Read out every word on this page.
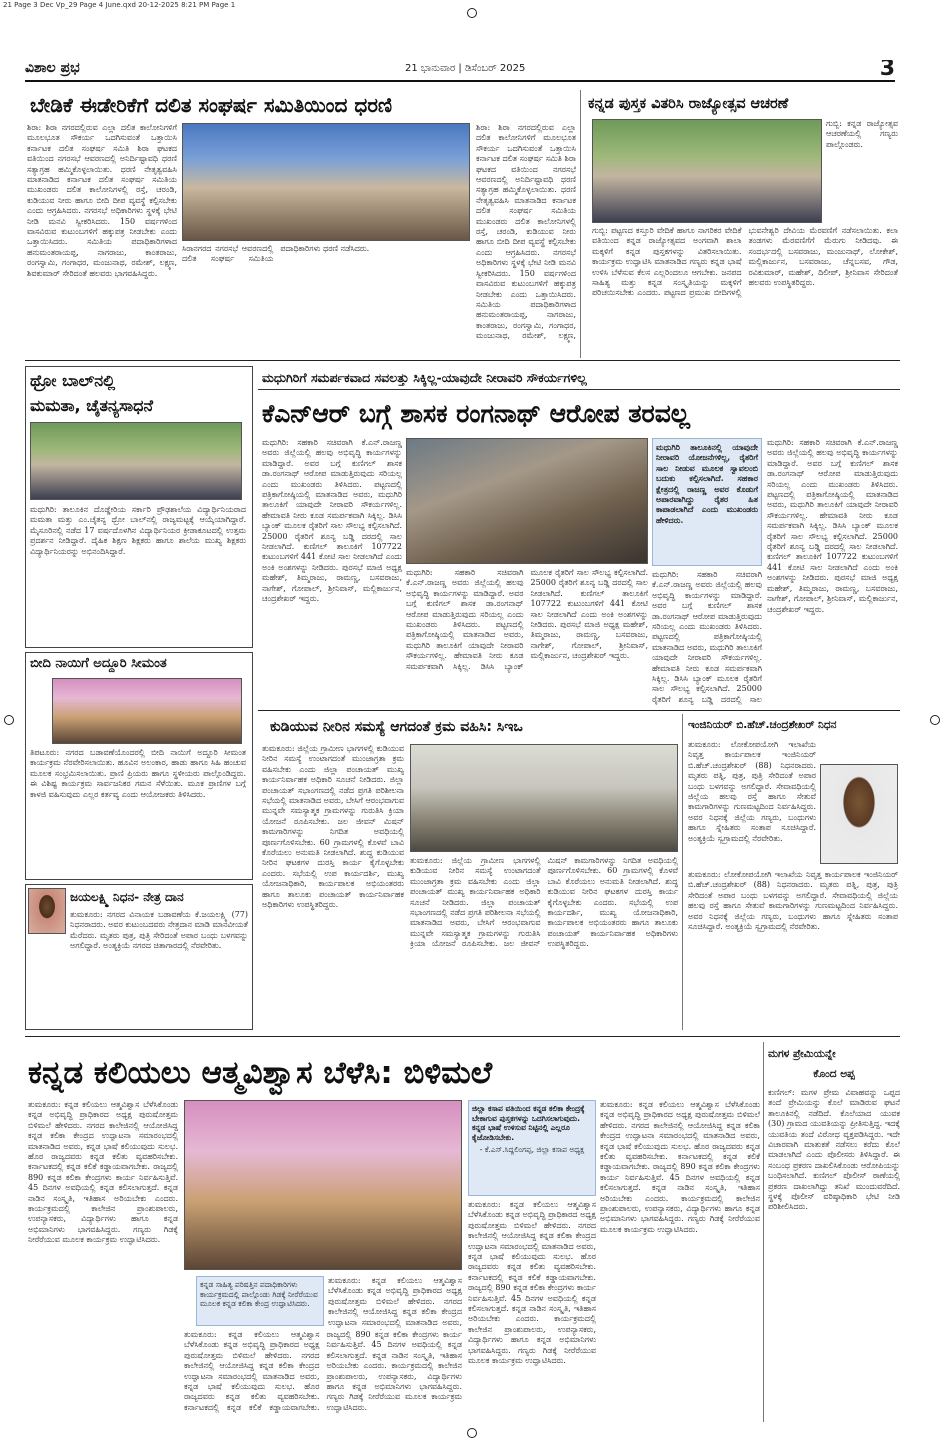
21 Page 3 Dec Vp_29 Page 4 June.qxd 20-12-2025 8:21 PM Page 1
ವಿಶಾಲ ಪ್ರಭ	21 ಭಾನುವಾರ | ಡಿಸೆಂಬರ್ 2025	3
ಬೇಡಿಕೆ ಈಡೇರಿಕೆಗೆ ದಲಿತ ಸಂಘರ್ಷ ಸಮಿತಿಯಿಂದ ಧರಣಿ
ಶಿರಾ: ಶಿರಾ ನಗರದಲ್ಲಿರುವ ಎಲ್ಲಾ ದಲಿತ ಕಾಲೋನಿಗಳಿಗೆ ಮೂಲಭೂತ ಸೌಕರ್ಯ ಒದಗಿಸುವಂತೆ ಒತ್ತಾಯಿಸಿ ಕರ್ನಾಟಕ ದಲಿತ ಸಂಘರ್ಷ ಸಮಿತಿ ಶಿರಾ ಘಟಕದ ವತಿಯಿಂದ ನಗರಸಭೆ ಆವರಣದಲ್ಲಿ ಅನಿರ್ದಿಷ್ಟಾವಧಿ ಧರಣಿ ಸತ್ಯಾಗ್ರಹ ಹಮ್ಮಿಕೊಳ್ಳಲಾಯಿತು. ಧರಣಿ ನೇತೃತ್ವವಹಿಸಿ ಮಾತನಾಡಿದ ಕರ್ನಾಟಕ ದಲಿತ ಸಂಘರ್ಷ ಸಮಿತಿಯ ಮುಖಂಡರು ದಲಿತ ಕಾಲೋನಿಗಳಲ್ಲಿ ರಸ್ತೆ, ಚರಂಡಿ, ಕುಡಿಯುವ ನೀರು ಹಾಗೂ ಬೀದಿ ದೀಪ ವ್ಯವಸ್ಥೆ ಕಲ್ಪಿಸಬೇಕು ಎಂದು ಆಗ್ರಹಿಸಿದರು. ನಗರಸಭೆ ಅಧಿಕಾರಿಗಳು ಸ್ಥಳಕ್ಕೆ ಭೇಟಿ ನೀಡಿ ಮನವಿ ಸ್ವೀಕರಿಸಿದರು. 150 ವರ್ಷಗಳಿಂದ ವಾಸವಿರುವ ಕುಟುಂಬಗಳಿಗೆ ಹಕ್ಕುಪತ್ರ ನೀಡಬೇಕು ಎಂದು ಒತ್ತಾಯಿಸಿದರು. ಸಮಿತಿಯ ಪದಾಧಿಕಾರಿಗಳಾದ ಹನುಮಂತರಾಯಪ್ಪ, ನಾಗರಾಜು, ಕಾಂತರಾಜು, ರಂಗಸ್ವಾಮಿ, ಗಂಗಾಧರ, ಮಂಜುನಾಥ, ರಮೇಶ್, ಲಕ್ಷ್ಮಣ, ಶಿವಕುಮಾರ್ ಸೇರಿದಂತೆ ಹಲವರು ಭಾಗವಹಿಸಿದ್ದರು.
ಶಿರಾ: ಶಿರಾ ನಗರದಲ್ಲಿರುವ ಎಲ್ಲಾ ದಲಿತ ಕಾಲೋನಿಗಳಿಗೆ ಮೂಲಭೂತ ಸೌಕರ್ಯ ಒದಗಿಸುವಂತೆ ಒತ್ತಾಯಿಸಿ ಕರ್ನಾಟಕ ದಲಿತ ಸಂಘರ್ಷ ಸಮಿತಿ ಶಿರಾ ಘಟಕದ ವತಿಯಿಂದ ನಗರಸಭೆ ಆವರಣದಲ್ಲಿ ಅನಿರ್ದಿಷ್ಟಾವಧಿ ಧರಣಿ ಸತ್ಯಾಗ್ರಹ ಹಮ್ಮಿಕೊಳ್ಳಲಾಯಿತು. ಧರಣಿ ನೇತೃತ್ವವಹಿಸಿ ಮಾತನಾಡಿದ ಕರ್ನಾಟಕ ದಲಿತ ಸಂಘರ್ಷ ಸಮಿತಿಯ ಮುಖಂಡರು ದಲಿತ ಕಾಲೋನಿಗಳಲ್ಲಿ ರಸ್ತೆ, ಚರಂಡಿ, ಕುಡಿಯುವ ನೀರು ಹಾಗೂ ಬೀದಿ ದೀಪ ವ್ಯವಸ್ಥೆ ಕಲ್ಪಿಸಬೇಕು ಎಂದು ಆಗ್ರಹಿಸಿದರು. ನಗರಸಭೆ ಅಧಿಕಾರಿಗಳು ಸ್ಥಳಕ್ಕೆ ಭೇಟಿ ನೀಡಿ ಮನವಿ ಸ್ವೀಕರಿಸಿದರು. 150 ವರ್ಷಗಳಿಂದ ವಾಸವಿರುವ ಕುಟುಂಬಗಳಿಗೆ ಹಕ್ಕುಪತ್ರ ನೀಡಬೇಕು ಎಂದು ಒತ್ತಾಯಿಸಿದರು. ಸಮಿತಿಯ ಪದಾಧಿಕಾರಿಗಳಾದ ಹನುಮಂತರಾಯಪ್ಪ, ನಾಗರಾಜು, ಕಾಂತರಾಜು, ರಂಗಸ್ವಾಮಿ, ಗಂಗಾಧರ, ಮಂಜುನಾಥ, ರಮೇಶ್, ಲಕ್ಷ್ಮಣ,
ಸಿರಾನಗರದ ನಗರಸಭೆ ಆವರಣದಲ್ಲಿ ದಲಿತ ಸಂಘರ್ಷ ಸಮಿತಿಯ ಪದಾಧಿಕಾರಿಗಳು ಧರಣಿ ನಡೆಸಿದರು.
ಕನ್ನಡ ಪುಸ್ತಕ ವಿತರಿಸಿ ರಾಜ್ಯೋತ್ಸವ ಆಚರಣೆ
ಗುಬ್ಬಿ: ಕನ್ನಡ ರಾಜ್ಯೋತ್ಸವ ಆಚರಣೆಯಲ್ಲಿ ಗಣ್ಯರು ಪಾಲ್ಗೊಂಡರು.
ಗುಬ್ಬಿ: ಪಟ್ಟಣದ ಕಸ್ತೂರಿ ವೇದಿಕೆ ಹಾಗೂ ನಾಗರಿಕರ ವೇದಿಕೆ ವತಿಯಿಂದ ಕನ್ನಡ ರಾಜ್ಯೋತ್ಸವದ ಅಂಗವಾಗಿ ಶಾಲಾ ಮಕ್ಕಳಿಗೆ ಕನ್ನಡ ಪುಸ್ತಕಗಳನ್ನು ವಿತರಿಸಲಾಯಿತು. ಕಾರ್ಯಕ್ರಮ ಉದ್ಘಾಟಿಸಿ ಮಾತನಾಡಿದ ಗಣ್ಯರು ಕನ್ನಡ ಭಾಷೆ ಉಳಿಸಿ ಬೆಳೆಸುವ ಕೆಲಸ ಎಲ್ಲರಿಂದಲೂ ಆಗಬೇಕು. ಜನಪದ ಸಾಹಿತ್ಯ ಮತ್ತು ಕನ್ನಡ ಸಂಸ್ಕೃತಿಯನ್ನು ಮಕ್ಕಳಿಗೆ ಪರಿಚಯಿಸಬೇಕು ಎಂದರು. ಪಟ್ಟಣದ ಪ್ರಮುಖ ಬೀದಿಗಳಲ್ಲಿ ಭುವನೇಶ್ವರಿ ದೇವಿಯ ಮೆರವಣಿಗೆ ನಡೆಸಲಾಯಿತು. ಕಲಾ ತಂಡಗಳು ಮೆರವಣಿಗೆಗೆ ಮೆರುಗು ನೀಡಿದವು. ಈ ಸಂದರ್ಭದಲ್ಲಿ ಬಸವರಾಜು, ಮಂಜುನಾಥ್, ಲೋಕೇಶ್, ಮಲ್ಲಿಕಾರ್ಜುನ, ಬಸವರಾಜು, ಚೆನ್ನಬಸವ, ಗೌಡ, ರವಿಕುಮಾರ್, ಮಹೇಶ್, ದಿಲೀಪ್, ಶ್ರೀನಿವಾಸ ಸೇರಿದಂತೆ ಹಲವರು ಉಪಸ್ಥಿತರಿದ್ದರು.
ಥ್ರೋ ಬಾಲ್‌ನಲ್ಲಿ
ಮಮತಾ, ಚೈತನ್ಯಸಾಧನೆ
ಮಧುಗಿರಿ: ತಾಲೂಕಿನ ದೊಡ್ಡೇರಿಯ ಸರ್ಕಾರಿ ಪ್ರೌಢಶಾಲೆಯ ವಿದ್ಯಾರ್ಥಿನಿಯರಾದ ಮಮತಾ ಮತ್ತು ಎಂ.ಚೈತನ್ಯ ಥ್ರೋ ಬಾಲ್‌ನಲ್ಲಿ ರಾಜ್ಯಮಟ್ಟಕ್ಕೆ ಆಯ್ಕೆಯಾಗಿದ್ದಾರೆ. ಮೈಸೂರಿನಲ್ಲಿ ನಡೆದ 17 ವರ್ಷದೊಳಗಿನ ವಿದ್ಯಾರ್ಥಿನಿಯರ ಕ್ರೀಡಾಕೂಟದಲ್ಲಿ ಉತ್ತಮ ಪ್ರದರ್ಶನ ನೀಡಿದ್ದಾರೆ. ದೈಹಿಕ ಶಿಕ್ಷಣ ಶಿಕ್ಷಕರು ಹಾಗೂ ಶಾಲೆಯ ಮುಖ್ಯ ಶಿಕ್ಷಕರು ವಿದ್ಯಾರ್ಥಿನಿಯರನ್ನು ಅಭಿನಂದಿಸಿದ್ದಾರೆ.
ಬೀದಿ ನಾಯಿಗೆ ಅದ್ದೂರಿ ಸೀಮಂತ
ತಿಪಟೂರು: ನಗರದ ಬಡಾವಣೆಯೊಂದರಲ್ಲಿ ಬೀದಿ ನಾಯಿಗೆ ಅದ್ದೂರಿ ಸೀಮಂತ ಕಾರ್ಯಕ್ರಮ ನೆರವೇರಿಸಲಾಯಿತು. ಹೂವಿನ ಅಲಂಕಾರ, ಹಾಡು ಹಾಗೂ ಸಿಹಿ ಹಂಚುವ ಮೂಲಕ ಸಂಭ್ರಮಿಸಲಾಯಿತು. ಪ್ರಾಣಿ ಪ್ರಿಯರು ಹಾಗೂ ಸ್ಥಳೀಯರು ಪಾಲ್ಗೊಂಡಿದ್ದರು. ಈ ವಿಶಿಷ್ಟ ಕಾರ್ಯಕ್ರಮ ಸಾರ್ವಜನಿಕರ ಗಮನ ಸೆಳೆಯಿತು. ಮೂಕ ಪ್ರಾಣಿಗಳ ಬಗ್ಗೆ ಕಾಳಜಿ ವಹಿಸುವುದು ಎಲ್ಲರ ಕರ್ತವ್ಯ ಎಂದು ಆಯೋಜಕರು ತಿಳಿಸಿದರು.
ಜಯಲಕ್ಷ್ಮಿ ನಿಧನ- ನೇತ್ರ ದಾನ
ತುಮಕೂರು: ನಗರದ ವಿನಾಯಕ ಬಡಾವಣೆಯ ಕೆ.ಜಯಲಕ್ಷ್ಮಿ (77) ನಿಧನರಾದರು. ಅವರ ಕುಟುಂಬದವರು ನೇತ್ರದಾನ ಮಾಡಿ ಮಾನವೀಯತೆ ಮೆರೆದರು. ಮೃತರು ಪುತ್ರ, ಪುತ್ರಿ ಸೇರಿದಂತೆ ಅಪಾರ ಬಂಧು ಬಳಗವನ್ನು ಅಗಲಿದ್ದಾರೆ. ಅಂತ್ಯಕ್ರಿಯೆ ನಗರದ ಚಿತಾಗಾರದಲ್ಲಿ ನೆರವೇರಿತು.
ಮಧುಗಿರಿಗೆ ಸಮರ್ಪಕವಾದ ಸವಲತ್ತು ಸಿಕ್ಕಿಲ್ಲ-ಯಾವುದೇ ನೀರಾವರಿ ಸೌಕರ್ಯಗಳಿಲ್ಲ
ಕೆಎನ್‌ಆರ್ ಬಗ್ಗೆ ಶಾಸಕ ರಂಗನಾಥ್ ಆರೋಪ ತರವಲ್ಲ
ಮಧುಗಿರಿ: ಸಹಕಾರಿ ಸಚಿವರಾಗಿ ಕೆ.ಎನ್.ರಾಜಣ್ಣ ಅವರು ಜಿಲ್ಲೆಯಲ್ಲಿ ಹಲವು ಅಭಿವೃದ್ಧಿ ಕಾರ್ಯಗಳನ್ನು ಮಾಡಿದ್ದಾರೆ. ಅವರ ಬಗ್ಗೆ ಕುಣಿಗಲ್ ಶಾಸಕ ಡಾ.ರಂಗನಾಥ್ ಆರೋಪ ಮಾಡುತ್ತಿರುವುದು ಸರಿಯಲ್ಲ ಎಂದು ಮುಖಂಡರು ತಿಳಿಸಿದರು. ಪಟ್ಟಣದಲ್ಲಿ ಪತ್ರಿಕಾಗೋಷ್ಠಿಯಲ್ಲಿ ಮಾತನಾಡಿದ ಅವರು, ಮಧುಗಿರಿ ತಾಲೂಕಿಗೆ ಯಾವುದೇ ನೀರಾವರಿ ಸೌಕರ್ಯಗಳಿಲ್ಲ. ಹೇಮಾವತಿ ನೀರು ಕೂಡ ಸಮರ್ಪಕವಾಗಿ ಸಿಕ್ಕಿಲ್ಲ. ಡಿಸಿಸಿ ಬ್ಯಾಂಕ್ ಮೂಲಕ ರೈತರಿಗೆ ಸಾಲ ಸೌಲಭ್ಯ ಕಲ್ಪಿಸಲಾಗಿದೆ. 25000 ರೈತರಿಗೆ ಶೂನ್ಯ ಬಡ್ಡಿ ದರದಲ್ಲಿ ಸಾಲ ನೀಡಲಾಗಿದೆ. ಕುಣಿಗಲ್ ತಾಲೂಕಿಗೆ 107722 ಕುಟುಂಬಗಳಿಗೆ 441 ಕೋಟಿ ಸಾಲ ನೀಡಲಾಗಿದೆ ಎಂದು ಅಂಕಿ ಅಂಶಗಳನ್ನು ನೀಡಿದರು. ಪುರಸಭೆ ಮಾಜಿ ಅಧ್ಯಕ್ಷ ಮಹೇಶ್, ತಿಮ್ಮರಾಜು, ರಾಮಣ್ಣ, ಬಸವರಾಜು, ನಾಗೇಶ್, ಗೋಪಾಲ್, ಶ್ರೀನಿವಾಸ್, ಮಲ್ಲಿಕಾರ್ಜುನ, ಚಂದ್ರಶೇಖರ್ ಇದ್ದರು.
ಮಧುಗಿರಿ: ಸಹಕಾರಿ ಸಚಿವರಾಗಿ ಕೆ.ಎನ್.ರಾಜಣ್ಣ ಅವರು ಜಿಲ್ಲೆಯಲ್ಲಿ ಹಲವು ಅಭಿವೃದ್ಧಿ ಕಾರ್ಯಗಳನ್ನು ಮಾಡಿದ್ದಾರೆ. ಅವರ ಬಗ್ಗೆ ಕುಣಿಗಲ್ ಶಾಸಕ ಡಾ.ರಂಗನಾಥ್ ಆರೋಪ ಮಾಡುತ್ತಿರುವುದು ಸರಿಯಲ್ಲ ಎಂದು ಮುಖಂಡರು ತಿಳಿಸಿದರು. ಪಟ್ಟಣದಲ್ಲಿ ಪತ್ರಿಕಾಗೋಷ್ಠಿಯಲ್ಲಿ ಮಾತನಾಡಿದ ಅವರು, ಮಧುಗಿರಿ ತಾಲೂಕಿಗೆ ಯಾವುದೇ ನೀರಾವರಿ ಸೌಕರ್ಯಗಳಿಲ್ಲ. ಹೇಮಾವತಿ ನೀರು ಕೂಡ ಸಮರ್ಪಕವಾಗಿ ಸಿಕ್ಕಿಲ್ಲ. ಡಿಸಿಸಿ ಬ್ಯಾಂಕ್ ಮೂಲಕ ರೈತರಿಗೆ ಸಾಲ ಸೌಲಭ್ಯ ಕಲ್ಪಿಸಲಾಗಿದೆ. 25000 ರೈತರಿಗೆ ಶೂನ್ಯ ಬಡ್ಡಿ ದರದಲ್ಲಿ ಸಾಲ ನೀಡಲಾಗಿದೆ. ಕುಣಿಗಲ್ ತಾಲೂಕಿಗೆ 107722 ಕುಟುಂಬಗಳಿಗೆ 441 ಕೋಟಿ ಸಾಲ ನೀಡಲಾಗಿದೆ ಎಂದು ಅಂಕಿ ಅಂಶಗಳನ್ನು ನೀಡಿದರು. ಪುರಸಭೆ ಮಾಜಿ ಅಧ್ಯಕ್ಷ ಮಹೇಶ್, ತಿಮ್ಮರಾಜು, ರಾಮಣ್ಣ, ಬಸವರಾಜು, ನಾಗೇಶ್, ಗೋಪಾಲ್, ಶ್ರೀನಿವಾಸ್, ಮಲ್ಲಿಕಾರ್ಜುನ, ಚಂದ್ರಶೇಖರ್ ಇದ್ದರು.
ಮಧುಗಿರಿ ತಾಲೂಕಿನಲ್ಲಿ ಯಾವುದೇ ನೀರಾವರಿ ಯೋಜನೆಗಳಿಲ್ಲ, ರೈತರಿಗೆ ಸಾಲ ನೀಡುವ ಮೂಲಕ ಸ್ವಾವಲಂಬಿ ಬದುಕು ಕಲ್ಪಿಸಲಾಗಿದೆ. ಸಹಕಾರ ಕ್ಷೇತ್ರದಲ್ಲಿ ರಾಜಣ್ಣ ಅವರ ಕೊಡುಗೆ ಅಪಾರವಾಗಿದ್ದು ರೈತರ ಹಿತ ಕಾಪಾಡಲಾಗಿದೆ ಎಂದು ಮುಖಂಡರು ಹೇಳಿದರು.
ಮಧುಗಿರಿ: ಸಹಕಾರಿ ಸಚಿವರಾಗಿ ಕೆ.ಎನ್.ರಾಜಣ್ಣ ಅವರು ಜಿಲ್ಲೆಯಲ್ಲಿ ಹಲವು ಅಭಿವೃದ್ಧಿ ಕಾರ್ಯಗಳನ್ನು ಮಾಡಿದ್ದಾರೆ. ಅವರ ಬಗ್ಗೆ ಕುಣಿಗಲ್ ಶಾಸಕ ಡಾ.ರಂಗನಾಥ್ ಆರೋಪ ಮಾಡುತ್ತಿರುವುದು ಸರಿಯಲ್ಲ ಎಂದು ಮುಖಂಡರು ತಿಳಿಸಿದರು. ಪಟ್ಟಣದಲ್ಲಿ ಪತ್ರಿಕಾಗೋಷ್ಠಿಯಲ್ಲಿ ಮಾತನಾಡಿದ ಅವರು, ಮಧುಗಿರಿ ತಾಲೂಕಿಗೆ ಯಾವುದೇ ನೀರಾವರಿ ಸೌಕರ್ಯಗಳಿಲ್ಲ. ಹೇಮಾವತಿ ನೀರು ಕೂಡ ಸಮರ್ಪಕವಾಗಿ ಸಿಕ್ಕಿಲ್ಲ. ಡಿಸಿಸಿ ಬ್ಯಾಂಕ್ ಮೂಲಕ ರೈತರಿಗೆ ಸಾಲ ಸೌಲಭ್ಯ ಕಲ್ಪಿಸಲಾಗಿದೆ. 25000 ರೈತರಿಗೆ ಶೂನ್ಯ ಬಡ್ಡಿ ದರದಲ್ಲಿ ಸಾಲ
ಮಧುಗಿರಿ: ಸಹಕಾರಿ ಸಚಿವರಾಗಿ ಕೆ.ಎನ್.ರಾಜಣ್ಣ ಅವರು ಜಿಲ್ಲೆಯಲ್ಲಿ ಹಲವು ಅಭಿವೃದ್ಧಿ ಕಾರ್ಯಗಳನ್ನು ಮಾಡಿದ್ದಾರೆ. ಅವರ ಬಗ್ಗೆ ಕುಣಿಗಲ್ ಶಾಸಕ ಡಾ.ರಂಗನಾಥ್ ಆರೋಪ ಮಾಡುತ್ತಿರುವುದು ಸರಿಯಲ್ಲ ಎಂದು ಮುಖಂಡರು ತಿಳಿಸಿದರು. ಪಟ್ಟಣದಲ್ಲಿ ಪತ್ರಿಕಾಗೋಷ್ಠಿಯಲ್ಲಿ ಮಾತನಾಡಿದ ಅವರು, ಮಧುಗಿರಿ ತಾಲೂಕಿಗೆ ಯಾವುದೇ ನೀರಾವರಿ ಸೌಕರ್ಯಗಳಿಲ್ಲ. ಹೇಮಾವತಿ ನೀರು ಕೂಡ ಸಮರ್ಪಕವಾಗಿ ಸಿಕ್ಕಿಲ್ಲ. ಡಿಸಿಸಿ ಬ್ಯಾಂಕ್ ಮೂಲಕ ರೈತರಿಗೆ ಸಾಲ ಸೌಲಭ್ಯ ಕಲ್ಪಿಸಲಾಗಿದೆ. 25000 ರೈತರಿಗೆ ಶೂನ್ಯ ಬಡ್ಡಿ ದರದಲ್ಲಿ ಸಾಲ ನೀಡಲಾಗಿದೆ. ಕುಣಿಗಲ್ ತಾಲೂಕಿಗೆ 107722 ಕುಟುಂಬಗಳಿಗೆ 441 ಕೋಟಿ ಸಾಲ ನೀಡಲಾಗಿದೆ ಎಂದು ಅಂಕಿ ಅಂಶಗಳನ್ನು ನೀಡಿದರು. ಪುರಸಭೆ ಮಾಜಿ ಅಧ್ಯಕ್ಷ ಮಹೇಶ್, ತಿಮ್ಮರಾಜು, ರಾಮಣ್ಣ, ಬಸವರಾಜು, ನಾಗೇಶ್, ಗೋಪಾಲ್, ಶ್ರೀನಿವಾಸ್, ಮಲ್ಲಿಕಾರ್ಜುನ, ಚಂದ್ರಶೇಖರ್ ಇದ್ದರು.
ಕುಡಿಯುವ ನೀರಿನ ಸಮಸ್ಯೆ ಆಗದಂತೆ ಕ್ರಮ ವಹಿಸಿ: ಸಿಇಒ
ತುಮಕೂರು: ಜಿಲ್ಲೆಯ ಗ್ರಾಮೀಣ ಭಾಗಗಳಲ್ಲಿ ಕುಡಿಯುವ ನೀರಿನ ಸಮಸ್ಯೆ ಉಂಟಾಗದಂತೆ ಮುಂಜಾಗ್ರತಾ ಕ್ರಮ ವಹಿಸಬೇಕು ಎಂದು ಜಿಲ್ಲಾ ಪಂಚಾಯತ್ ಮುಖ್ಯ ಕಾರ್ಯನಿರ್ವಾಹಕ ಅಧಿಕಾರಿ ಸೂಚನೆ ನೀಡಿದರು. ಜಿಲ್ಲಾ ಪಂಚಾಯತ್ ಸಭಾಂಗಣದಲ್ಲಿ ನಡೆದ ಪ್ರಗತಿ ಪರಿಶೀಲನಾ ಸಭೆಯಲ್ಲಿ ಮಾತನಾಡಿದ ಅವರು, ಬೇಸಿಗೆ ಆರಂಭವಾಗುವ ಮುನ್ನವೇ ಸಮಸ್ಯಾತ್ಮಕ ಗ್ರಾಮಗಳನ್ನು ಗುರುತಿಸಿ ಕ್ರಿಯಾ ಯೋಜನೆ ರೂಪಿಸಬೇಕು. ಜಲ ಜೀವನ್ ಮಿಷನ್ ಕಾಮಗಾರಿಗಳನ್ನು ನಿಗದಿತ ಅವಧಿಯಲ್ಲಿ ಪೂರ್ಣಗೊಳಿಸಬೇಕು. 60 ಗ್ರಾಮಗಳಲ್ಲಿ ಕೊಳವೆ ಬಾವಿ ಕೊರೆಯಲು ಅನುಮತಿ ನೀಡಲಾಗಿದೆ. ಶುದ್ಧ ಕುಡಿಯುವ ನೀರಿನ ಘಟಕಗಳ ದುರಸ್ತಿ ಕಾರ್ಯ ಕೈಗೊಳ್ಳಬೇಕು ಎಂದರು. ಸಭೆಯಲ್ಲಿ ಉಪ ಕಾರ್ಯದರ್ಶಿ, ಮುಖ್ಯ ಯೋಜನಾಧಿಕಾರಿ, ಕಾರ್ಯಪಾಲಕ ಅಭಿಯಂತರರು ಹಾಗೂ ತಾಲೂಕು ಪಂಚಾಯತ್ ಕಾರ್ಯನಿರ್ವಾಹಕ ಅಧಿಕಾರಿಗಳು ಉಪಸ್ಥಿತರಿದ್ದರು.
ತುಮಕೂರು: ಜಿಲ್ಲೆಯ ಗ್ರಾಮೀಣ ಭಾಗಗಳಲ್ಲಿ ಕುಡಿಯುವ ನೀರಿನ ಸಮಸ್ಯೆ ಉಂಟಾಗದಂತೆ ಮುಂಜಾಗ್ರತಾ ಕ್ರಮ ವಹಿಸಬೇಕು ಎಂದು ಜಿಲ್ಲಾ ಪಂಚಾಯತ್ ಮುಖ್ಯ ಕಾರ್ಯನಿರ್ವಾಹಕ ಅಧಿಕಾರಿ ಸೂಚನೆ ನೀಡಿದರು. ಜಿಲ್ಲಾ ಪಂಚಾಯತ್ ಸಭಾಂಗಣದಲ್ಲಿ ನಡೆದ ಪ್ರಗತಿ ಪರಿಶೀಲನಾ ಸಭೆಯಲ್ಲಿ ಮಾತನಾಡಿದ ಅವರು, ಬೇಸಿಗೆ ಆರಂಭವಾಗುವ ಮುನ್ನವೇ ಸಮಸ್ಯಾತ್ಮಕ ಗ್ರಾಮಗಳನ್ನು ಗುರುತಿಸಿ ಕ್ರಿಯಾ ಯೋಜನೆ ರೂಪಿಸಬೇಕು. ಜಲ ಜೀವನ್ ಮಿಷನ್ ಕಾಮಗಾರಿಗಳನ್ನು ನಿಗದಿತ ಅವಧಿಯಲ್ಲಿ ಪೂರ್ಣಗೊಳಿಸಬೇಕು. 60 ಗ್ರಾಮಗಳಲ್ಲಿ ಕೊಳವೆ ಬಾವಿ ಕೊರೆಯಲು ಅನುಮತಿ ನೀಡಲಾಗಿದೆ. ಶುದ್ಧ ಕುಡಿಯುವ ನೀರಿನ ಘಟಕಗಳ ದುರಸ್ತಿ ಕಾರ್ಯ ಕೈಗೊಳ್ಳಬೇಕು ಎಂದರು. ಸಭೆಯಲ್ಲಿ ಉಪ ಕಾರ್ಯದರ್ಶಿ, ಮುಖ್ಯ ಯೋಜನಾಧಿಕಾರಿ, ಕಾರ್ಯಪಾಲಕ ಅಭಿಯಂತರರು ಹಾಗೂ ತಾಲೂಕು ಪಂಚಾಯತ್ ಕಾರ್ಯನಿರ್ವಾಹಕ ಅಧಿಕಾರಿಗಳು ಉಪಸ್ಥಿತರಿದ್ದರು.
ಇಂಜಿನಿಯರ್ ಬಿ.ಹೆಚ್.ಚಂದ್ರಶೇಖರ್ ನಿಧನ
ತುಮಕೂರು: ಲೋಕೋಪಯೋಗಿ ಇಲಾಖೆಯ ನಿವೃತ್ತ ಕಾರ್ಯಪಾಲಕ ಇಂಜಿನಿಯರ್ ಬಿ.ಹೆಚ್.ಚಂದ್ರಶೇಖರ್ (88) ನಿಧನರಾದರು. ಮೃತರು ಪತ್ನಿ, ಪುತ್ರ, ಪುತ್ರಿ ಸೇರಿದಂತೆ ಅಪಾರ ಬಂಧು ಬಳಗವನ್ನು ಅಗಲಿದ್ದಾರೆ. ಸೇವಾವಧಿಯಲ್ಲಿ ಜಿಲ್ಲೆಯ ಹಲವು ರಸ್ತೆ ಹಾಗೂ ಸೇತುವೆ ಕಾಮಗಾರಿಗಳನ್ನು ಗುಣಮಟ್ಟದಿಂದ ನಿರ್ವಹಿಸಿದ್ದರು. ಅವರ ನಿಧನಕ್ಕೆ ಜಿಲ್ಲೆಯ ಗಣ್ಯರು, ಬಂಧುಗಳು ಹಾಗೂ ಸ್ನೇಹಿತರು ಸಂತಾಪ ಸೂಚಿಸಿದ್ದಾರೆ. ಅಂತ್ಯಕ್ರಿಯೆ ಸ್ವಗ್ರಾಮದಲ್ಲಿ ನೆರವೇರಿತು.
ತುಮಕೂರು: ಲೋಕೋಪಯೋಗಿ ಇಲಾಖೆಯ ನಿವೃತ್ತ ಕಾರ್ಯಪಾಲಕ ಇಂಜಿನಿಯರ್ ಬಿ.ಹೆಚ್.ಚಂದ್ರಶೇಖರ್ (88) ನಿಧನರಾದರು. ಮೃತರು ಪತ್ನಿ, ಪುತ್ರ, ಪುತ್ರಿ ಸೇರಿದಂತೆ ಅಪಾರ ಬಂಧು ಬಳಗವನ್ನು ಅಗಲಿದ್ದಾರೆ. ಸೇವಾವಧಿಯಲ್ಲಿ ಜಿಲ್ಲೆಯ ಹಲವು ರಸ್ತೆ ಹಾಗೂ ಸೇತುವೆ ಕಾಮಗಾರಿಗಳನ್ನು ಗುಣಮಟ್ಟದಿಂದ ನಿರ್ವಹಿಸಿದ್ದರು. ಅವರ ನಿಧನಕ್ಕೆ ಜಿಲ್ಲೆಯ ಗಣ್ಯರು, ಬಂಧುಗಳು ಹಾಗೂ ಸ್ನೇಹಿತರು ಸಂತಾಪ ಸೂಚಿಸಿದ್ದಾರೆ. ಅಂತ್ಯಕ್ರಿಯೆ ಸ್ವಗ್ರಾಮದಲ್ಲಿ ನೆರವೇರಿತು.
ಕನ್ನಡ ಕಲಿಯಲು ಆತ್ಮವಿಶ್ವಾಸ ಬೆಳೆಸಿ: ಬಿಳಿಮಲೆ
ತುಮಕೂರು: ಕನ್ನಡ ಕಲಿಯಲು ಆತ್ಮವಿಶ್ವಾಸ ಬೆಳೆಸಿಕೊಂಡು ಕನ್ನಡ ಅಭಿವೃದ್ಧಿ ಪ್ರಾಧಿಕಾರದ ಅಧ್ಯಕ್ಷ ಪುರುಷೋತ್ತಮ ಬಿಳಿಮಲೆ ಹೇಳಿದರು. ನಗರದ ಕಾಲೇಜಿನಲ್ಲಿ ಆಯೋಜಿಸಿದ್ದ ಕನ್ನಡ ಕಲಿಕಾ ಕೇಂದ್ರದ ಉದ್ಘಾಟನಾ ಸಮಾರಂಭದಲ್ಲಿ ಮಾತನಾಡಿದ ಅವರು, ಕನ್ನಡ ಭಾಷೆ ಕಲಿಯುವುದು ಸುಲಭ. ಹೊರ ರಾಜ್ಯದವರು ಕನ್ನಡ ಕಲಿತು ವ್ಯವಹರಿಸಬೇಕು. ಕರ್ನಾಟಕದಲ್ಲಿ ಕನ್ನಡ ಕಲಿಕೆ ಕಡ್ಡಾಯವಾಗಬೇಕು. ರಾಜ್ಯದಲ್ಲಿ 890 ಕನ್ನಡ ಕಲಿಕಾ ಕೇಂದ್ರಗಳು ಕಾರ್ಯ ನಿರ್ವಹಿಸುತ್ತಿವೆ. 45 ದಿನಗಳ ಅವಧಿಯಲ್ಲಿ ಕನ್ನಡ ಕಲಿಸಲಾಗುತ್ತದೆ. ಕನ್ನಡ ನಾಡಿನ ಸಂಸ್ಕೃತಿ, ಇತಿಹಾಸ ಅರಿಯಬೇಕು ಎಂದರು. ಕಾರ್ಯಕ್ರಮದಲ್ಲಿ ಕಾಲೇಜಿನ ಪ್ರಾಂಶುಪಾಲರು, ಉಪನ್ಯಾಸಕರು, ವಿದ್ಯಾರ್ಥಿಗಳು ಹಾಗೂ ಕನ್ನಡ ಅಭಿಮಾನಿಗಳು ಭಾಗವಹಿಸಿದ್ದರು. ಗಣ್ಯರು ಗಿಡಕ್ಕೆ ನೀರೆರೆಯುವ ಮೂಲಕ ಕಾರ್ಯಕ್ರಮ ಉದ್ಘಾಟಿಸಿದರು.
ಕನ್ನಡ ಸಾಹಿತ್ಯ ಪರಿಷತ್ತಿನ ಪದಾಧಿಕಾರಿಗಳು ಕಾರ್ಯಕ್ರಮದಲ್ಲಿ ಪಾಲ್ಗೊಂಡು ಗಿಡಕ್ಕೆ ನೀರೆರೆಯುವ ಮೂಲಕ ಕನ್ನಡ ಕಲಿಕಾ ಕೇಂದ್ರ ಉದ್ಘಾಟಿಸಿದರು.
ತುಮಕೂರು: ಕನ್ನಡ ಕಲಿಯಲು ಆತ್ಮವಿಶ್ವಾಸ ಬೆಳೆಸಿಕೊಂಡು ಕನ್ನಡ ಅಭಿವೃದ್ಧಿ ಪ್ರಾಧಿಕಾರದ ಅಧ್ಯಕ್ಷ ಪುರುಷೋತ್ತಮ ಬಿಳಿಮಲೆ ಹೇಳಿದರು. ನಗರದ ಕಾಲೇಜಿನಲ್ಲಿ ಆಯೋಜಿಸಿದ್ದ ಕನ್ನಡ ಕಲಿಕಾ ಕೇಂದ್ರದ ಉದ್ಘಾಟನಾ ಸಮಾರಂಭದಲ್ಲಿ ಮಾತನಾಡಿದ ಅವರು, ಕನ್ನಡ ಭಾಷೆ ಕಲಿಯುವುದು ಸುಲಭ. ಹೊರ ರಾಜ್ಯದವರು ಕನ್ನಡ ಕಲಿತು ವ್ಯವಹರಿಸಬೇಕು. ಕರ್ನಾಟಕದಲ್ಲಿ ಕನ್ನಡ ಕಲಿಕೆ ಕಡ್ಡಾಯವಾಗಬೇಕು. ರಾಜ್ಯದಲ್ಲಿ 890 ಕನ್ನಡ ಕಲಿಕಾ ಕೇಂದ್ರಗಳು ಕಾರ್ಯ ನಿರ್ವಹಿಸುತ್ತಿವೆ. 45 ದಿನಗಳ ಅವಧಿಯಲ್ಲಿ ಕನ್ನಡ ಕಲಿಸಲಾಗುತ್ತದೆ. ಕನ್ನಡ ನಾಡಿನ ಸಂಸ್ಕೃತಿ, ಇತಿಹಾಸ ಅರಿಯಬೇಕು ಎಂದರು. ಕಾರ್ಯಕ್ರಮದಲ್ಲಿ ಕಾಲೇಜಿನ ಪ್ರಾಂಶುಪಾಲರು, ಉಪನ್ಯಾಸಕರು, ವಿದ್ಯಾರ್ಥಿಗಳು ಹಾಗೂ ಕನ್ನಡ ಅಭಿಮಾನಿಗಳು ಭಾಗವಹಿಸಿದ್ದರು. ಗಣ್ಯರು ಗಿಡಕ್ಕೆ ನೀರೆರೆಯುವ ಮೂಲಕ ಕಾರ್ಯಕ್ರಮ ಉದ್ಘಾಟಿಸಿದರು.
ತುಮಕೂರು: ಕನ್ನಡ ಕಲಿಯಲು ಆತ್ಮವಿಶ್ವಾಸ ಬೆಳೆಸಿಕೊಂಡು ಕನ್ನಡ ಅಭಿವೃದ್ಧಿ ಪ್ರಾಧಿಕಾರದ ಅಧ್ಯಕ್ಷ ಪುರುಷೋತ್ತಮ ಬಿಳಿಮಲೆ ಹೇಳಿದರು. ನಗರದ ಕಾಲೇಜಿನಲ್ಲಿ ಆಯೋಜಿಸಿದ್ದ ಕನ್ನಡ ಕಲಿಕಾ ಕೇಂದ್ರದ ಉದ್ಘಾಟನಾ ಸಮಾರಂಭದಲ್ಲಿ ಮಾತನಾಡಿದ ಅವರು,
ಜಿಲ್ಲಾ ಕಸಾಪ ವತಿಯಿಂದ ಕನ್ನಡ ಕಲಿಕಾ ಕೇಂದ್ರಕ್ಕೆ ಬೇಕಾಗುವ ಪುಸ್ತಕಗಳನ್ನು ಒದಗಿಸಲಾಗುವುದು. ಕನ್ನಡ ಭಾಷೆ ಉಳಿಸುವ ನಿಟ್ಟಿನಲ್ಲಿ ಎಲ್ಲರೂ ಕೈಜೋಡಿಸಬೇಕು.
- ಕೆ.ಎಸ್.ಸಿದ್ದಲಿಂಗಪ್ಪ, ಜಿಲ್ಲಾ ಕಸಾಪ ಅಧ್ಯಕ್ಷ
ತುಮಕೂರು: ಕನ್ನಡ ಕಲಿಯಲು ಆತ್ಮವಿಶ್ವಾಸ ಬೆಳೆಸಿಕೊಂಡು ಕನ್ನಡ ಅಭಿವೃದ್ಧಿ ಪ್ರಾಧಿಕಾರದ ಅಧ್ಯಕ್ಷ ಪುರುಷೋತ್ತಮ ಬಿಳಿಮಲೆ ಹೇಳಿದರು. ನಗರದ ಕಾಲೇಜಿನಲ್ಲಿ ಆಯೋಜಿಸಿದ್ದ ಕನ್ನಡ ಕಲಿಕಾ ಕೇಂದ್ರದ ಉದ್ಘಾಟನಾ ಸಮಾರಂಭದಲ್ಲಿ ಮಾತನಾಡಿದ ಅವರು, ಕನ್ನಡ ಭಾಷೆ ಕಲಿಯುವುದು ಸುಲಭ. ಹೊರ ರಾಜ್ಯದವರು ಕನ್ನಡ ಕಲಿತು ವ್ಯವಹರಿಸಬೇಕು. ಕರ್ನಾಟಕದಲ್ಲಿ ಕನ್ನಡ ಕಲಿಕೆ ಕಡ್ಡಾಯವಾಗಬೇಕು. ರಾಜ್ಯದಲ್ಲಿ 890 ಕನ್ನಡ ಕಲಿಕಾ ಕೇಂದ್ರಗಳು ಕಾರ್ಯ ನಿರ್ವಹಿಸುತ್ತಿವೆ. 45 ದಿನಗಳ ಅವಧಿಯಲ್ಲಿ ಕನ್ನಡ ಕಲಿಸಲಾಗುತ್ತದೆ. ಕನ್ನಡ ನಾಡಿನ ಸಂಸ್ಕೃತಿ, ಇತಿಹಾಸ ಅರಿಯಬೇಕು ಎಂದರು. ಕಾರ್ಯಕ್ರಮದಲ್ಲಿ ಕಾಲೇಜಿನ ಪ್ರಾಂಶುಪಾಲರು, ಉಪನ್ಯಾಸಕರು, ವಿದ್ಯಾರ್ಥಿಗಳು ಹಾಗೂ ಕನ್ನಡ ಅಭಿಮಾನಿಗಳು ಭಾಗವಹಿಸಿದ್ದರು. ಗಣ್ಯರು ಗಿಡಕ್ಕೆ ನೀರೆರೆಯುವ ಮೂಲಕ ಕಾರ್ಯಕ್ರಮ ಉದ್ಘಾಟಿಸಿದರು.
ತುಮಕೂರು: ಕನ್ನಡ ಕಲಿಯಲು ಆತ್ಮವಿಶ್ವಾಸ ಬೆಳೆಸಿಕೊಂಡು ಕನ್ನಡ ಅಭಿವೃದ್ಧಿ ಪ್ರಾಧಿಕಾರದ ಅಧ್ಯಕ್ಷ ಪುರುಷೋತ್ತಮ ಬಿಳಿಮಲೆ ಹೇಳಿದರು. ನಗರದ ಕಾಲೇಜಿನಲ್ಲಿ ಆಯೋಜಿಸಿದ್ದ ಕನ್ನಡ ಕಲಿಕಾ ಕೇಂದ್ರದ ಉದ್ಘಾಟನಾ ಸಮಾರಂಭದಲ್ಲಿ ಮಾತನಾಡಿದ ಅವರು, ಕನ್ನಡ ಭಾಷೆ ಕಲಿಯುವುದು ಸುಲಭ. ಹೊರ ರಾಜ್ಯದವರು ಕನ್ನಡ ಕಲಿತು ವ್ಯವಹರಿಸಬೇಕು. ಕರ್ನಾಟಕದಲ್ಲಿ ಕನ್ನಡ ಕಲಿಕೆ ಕಡ್ಡಾಯವಾಗಬೇಕು. ರಾಜ್ಯದಲ್ಲಿ 890 ಕನ್ನಡ ಕಲಿಕಾ ಕೇಂದ್ರಗಳು ಕಾರ್ಯ ನಿರ್ವಹಿಸುತ್ತಿವೆ. 45 ದಿನಗಳ ಅವಧಿಯಲ್ಲಿ ಕನ್ನಡ ಕಲಿಸಲಾಗುತ್ತದೆ. ಕನ್ನಡ ನಾಡಿನ ಸಂಸ್ಕೃತಿ, ಇತಿಹಾಸ ಅರಿಯಬೇಕು ಎಂದರು. ಕಾರ್ಯಕ್ರಮದಲ್ಲಿ ಕಾಲೇಜಿನ ಪ್ರಾಂಶುಪಾಲರು, ಉಪನ್ಯಾಸಕರು, ವಿದ್ಯಾರ್ಥಿಗಳು ಹಾಗೂ ಕನ್ನಡ ಅಭಿಮಾನಿಗಳು ಭಾಗವಹಿಸಿದ್ದರು. ಗಣ್ಯರು ಗಿಡಕ್ಕೆ ನೀರೆರೆಯುವ ಮೂಲಕ ಕಾರ್ಯಕ್ರಮ ಉದ್ಘಾಟಿಸಿದರು.
ಮಗಳ ಪ್ರೇಮಿಯನ್ನೇ
ಕೊಂದ ಅಪ್ಪ
ಕುಣಿಗಲ್: ಮಗಳ ಪ್ರೇಮ ವಿವಾಹವನ್ನು ಒಪ್ಪದ ತಂದೆ ಪ್ರೇಮಿಯನ್ನು ಕೊಲೆ ಮಾಡಿರುವ ಘಟನೆ ತಾಲೂಕಿನಲ್ಲಿ ನಡೆದಿದೆ. ಕೊಲೆಯಾದ ಯುವಕ (30) ಗ್ರಾಮದ ಯುವತಿಯನ್ನು ಪ್ರೀತಿಸುತ್ತಿದ್ದ. ಇದಕ್ಕೆ ಯುವತಿಯ ತಂದೆ ವಿರೋಧ ವ್ಯಕ್ತಪಡಿಸಿದ್ದರು. ಇದೇ ವಿಚಾರವಾಗಿ ಮಾತುಕತೆ ನಡೆಸಲು ಕರೆದು ಕೊಲೆ ಮಾಡಲಾಗಿದೆ ಎಂದು ಪೊಲೀಸರು ತಿಳಿಸಿದ್ದಾರೆ. ಈ ಸಂಬಂಧ ಪ್ರಕರಣ ದಾಖಲಿಸಿಕೊಂಡು ಆರೋಪಿಯನ್ನು ಬಂಧಿಸಲಾಗಿದೆ. ಕುಣಿಗಲ್ ಪೊಲೀಸ್ ಠಾಣೆಯಲ್ಲಿ ಪ್ರಕರಣ ದಾಖಲಾಗಿದ್ದು ತನಿಖೆ ಮುಂದುವರೆದಿದೆ. ಸ್ಥಳಕ್ಕೆ ಪೊಲೀಸ್ ವರಿಷ್ಠಾಧಿಕಾರಿ ಭೇಟಿ ನೀಡಿ ಪರಿಶೀಲಿಸಿದರು.
